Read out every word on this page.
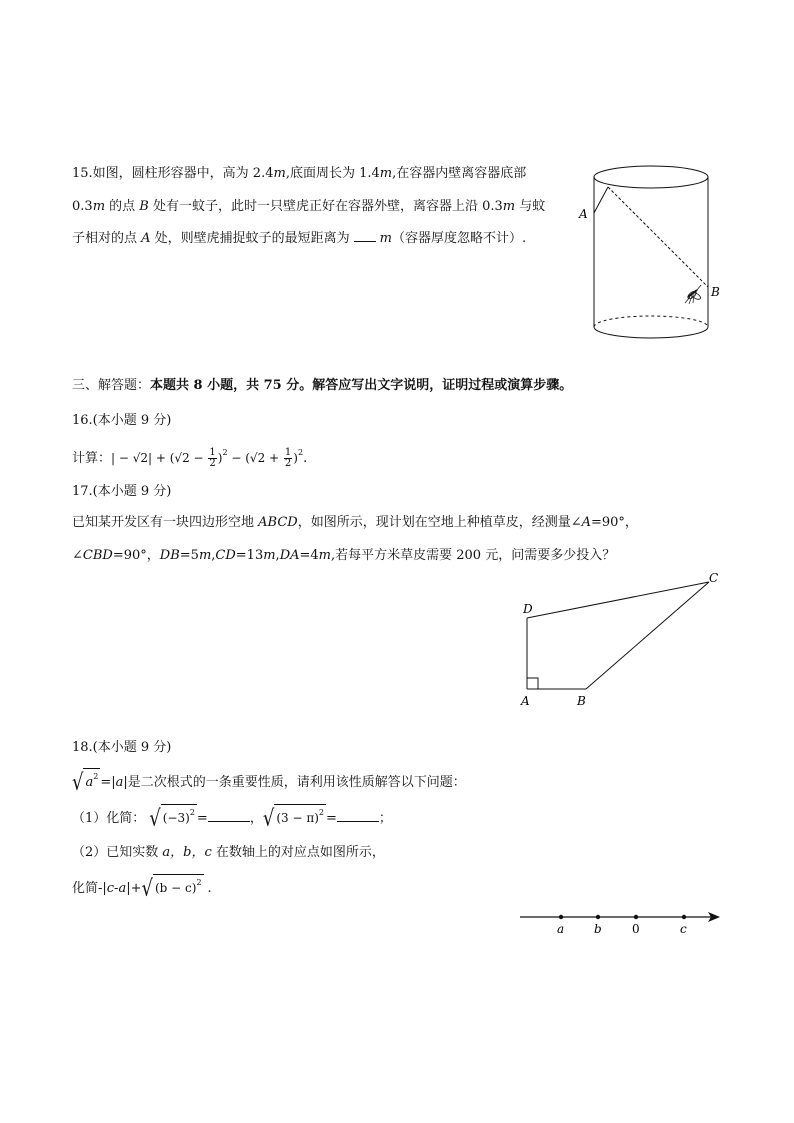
15.如图，圆柱形容器中，高为 2.4m,底面周长为 1.4m,在容器内壁离容器底部
0.3m 的点 B 处有一蚊子，此时一只壁虎正好在容器外壁，离容器上沿 0.3m 与蚊
子相对的点 A 处，则壁虎捕捉蚊子的最短距离为 m（容器厚度忽略不计）.
A
B
三、解答题：本题共 8 小题，共 75 分。解答应写出文字说明，证明过程或演算步骤。
16.(本小题 9 分)
计算：| − $√2| + (√2 - \frac{1}{2} )^2 - (√2 + \frac{1}{2} )^2$.
17.(本小题 9 分)
已知某开发区有一块四边形空地 ABCD，如图所示，现计划在空地上种植草皮，经测量∠A=90°，
∠CBD=90°，DB=5m,CD=13m,DA=4m,若每平方米草皮需要 200 元，问需要多少投入？
D
C
A	B
18.(本小题 9 分)
√ $a^2 =|a|$是二次根式的一条重要性质，请利用该性质解答以下问题：
（1）化简： √ $(-3)^2$ =	，√ $(3 - \pi)^2$ =	；
（2）已知实数 a，b，c 在数轴上的对应点如图所示，
化简-|c-a|+√ $(b - c)^2$ .
a b	0	c
